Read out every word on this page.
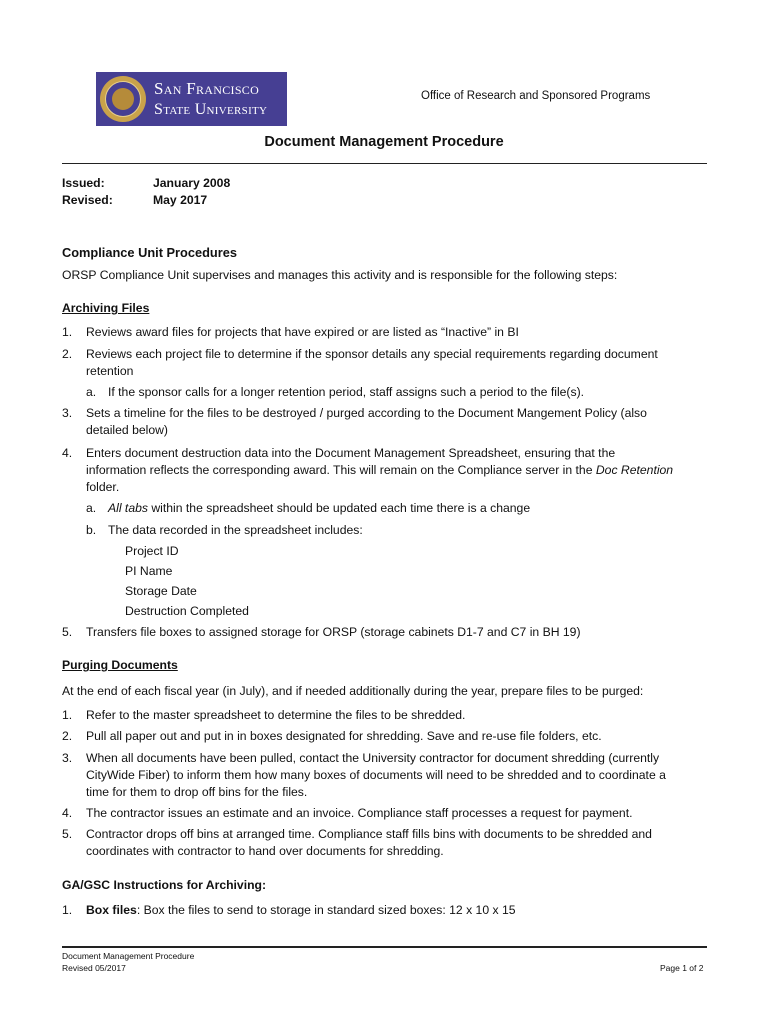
San Francisco
State University
Office of Research and Sponsored Programs
Document Management Procedure
Issued:	January 2008
Revised:	May 2017
Compliance Unit Procedures
ORSP Compliance Unit supervises and manages this activity and is responsible for the following steps:
Archiving Files
1. Reviews award files for projects that have expired or are listed as “Inactive” in BI
2. Reviews each project file to determine if the sponsor details any special requirements regarding document
retention
a. If the sponsor calls for a longer retention period, staff assigns such a period to the file(s).
3. Sets a timeline for the files to be destroyed / purged according to the Document Mangement Policy (also
detailed below)
4. Enters document destruction data into the Document Management Spreadsheet, ensuring that the
information reflects the corresponding award. This will remain on the Compliance server in the Doc Retention
folder.
a. All tabs within the spreadsheet should be updated each time there is a change
b. The data recorded in the spreadsheet includes:
Project ID
PI Name
Storage Date
Destruction Completed
5. Transfers file boxes to assigned storage for ORSP (storage cabinets D1-7 and C7 in BH 19)
Purging Documents
At the end of each fiscal year (in July), and if needed additionally during the year, prepare files to be purged:
1. Refer to the master spreadsheet to determine the files to be shredded.
2. Pull all paper out and put in in boxes designated for shredding. Save and re-use file folders, etc.
3. When all documents have been pulled, contact the University contractor for document shredding (currently
CityWide Fiber) to inform them how many boxes of documents will need to be shredded and to coordinate a
time for them to drop off bins for the files.
4. The contractor issues an estimate and an invoice. Compliance staff processes a request for payment.
5. Contractor drops off bins at arranged time. Compliance staff fills bins with documents to be shredded and
coordinates with contractor to hand over documents for shredding.
GA/GSC Instructions for Archiving:
1. Box files: Box the files to send to storage in standard sized boxes: 12 x 10 x 15
Document Management Procedure
Revised 05/2017	Page 1 of 2
